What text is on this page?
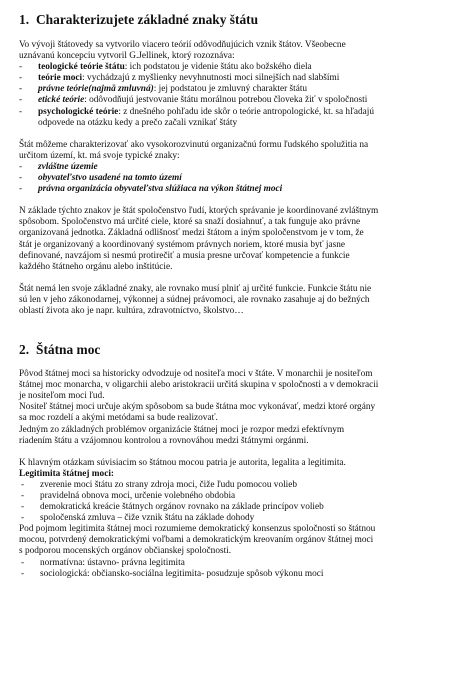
1. Charakterizujete základné znaky štátu

Vo vývoji štátovedy sa vytvorilo viacero teórií odôvodňujúcich vznik štátov. Všeobecne
uznávanú koncepciu vytvoril G.Jellinek, ktorý rozoznáva:

- teologické teórie štátu: ich podstatou je videnie štátu ako božského diela
- teórie moci: vychádzajú z myšlienky nevyhnutnosti moci silnejších nad slabšími
- právne teórie(najmä zmluvná): jej podstatou je zmluvný charakter štátu
- etické teórie: odôvodňujú jestvovanie štátu morálnou potrebou človeka žiť v spoločnosti
- psychologické teórie: z dnešného pohľadu ide skôr o teórie antropologické, kt. sa hľadajú
odpovede na otázku kedy a prečo začali vznikať štáty

Štát môžeme charakterizovať ako vysokorozvinutú organizačnú formu ľudského spolužitia na
určitom území, kt. má svoje typické znaky:

- zvláštne územie
- obyvateľstvo usadené na tomto území
- právna organizácia obyvateľstva slúžiaca na výkon štátnej moci

N základe týchto znakov je štát spoločenstvo ľudí, ktorých správanie je koordinované zvláštnym
spôsobom. Spoločenstvo má určité ciele, ktoré sa snaží dosiahnuť, a tak funguje ako právne
organizovaná jednotka. Základná odlišnosť medzi štátom a iným spoločenstvom je v tom, že
štát je organizovaný a koordinovaný systémom právnych noriem, ktoré musia byť jasne
definované, navzájom si nesmú protirečiť a musia presne určovať kompetencie a funkcie
každého štátneho orgánu alebo inštitúcie.

Štát nemá len svoje základné znaky, ale rovnako musí plniť aj určité funkcie. Funkcie štátu nie
sú len v jeho zákonodarnej, výkonnej a súdnej právomoci, ale rovnako zasahuje aj do bežných
oblastí života ako je napr. kultúra, zdravotníctvo, školstvo…

2. Štátna moc

Pôvod štátnej moci sa historicky odvodzuje od nositeľa moci v štáte. V monarchii je nositeľom
štátnej moc monarcha, v oligarchii alebo aristokracii určitá skupina v spoločnosti a v demokracii
je nositeľom moci ľud.
Nositeľ štátnej moci určuje akým spôsobom sa bude štátna moc vykonávať, medzi ktoré orgány
sa moc rozdelí a akými metódami sa bude realizovať.
Jedným zo základných problémov organizácie štátnej moci je rozpor medzi efektívnym
riadením štátu a vzájomnou kontrolou a rovnováhou medzi štátnymi orgánmi.

K hlavným otázkam súvisiacim so štátnou mocou patria je autorita, legalita a legitimita.

Legitimita štátnej moci:

- zverenie moci štátu zo strany zdroja moci, čiže ľudu pomocou volieb
- pravidelná obnova moci, určenie volebného obdobia
- demokratická kreácie štátnych orgánov rovnako na základe princípov volieb
- spoločenská zmluva – čiže vznik štátu na základe dohody

Pod pojmom legitimita štátnej moci rozumieme demokratický konsenzus spoločnosti so štátnou
mocou, potvrdený demokratickými voľbami a demokratickým kreovaním orgánov štátnej moci
s podporou mocenských orgánov občianskej spoločnosti.

- normatívna: ústavno- právna legitimita
- sociologická: občiansko-sociálna legitimita- posudzuje spôsob výkonu moci
